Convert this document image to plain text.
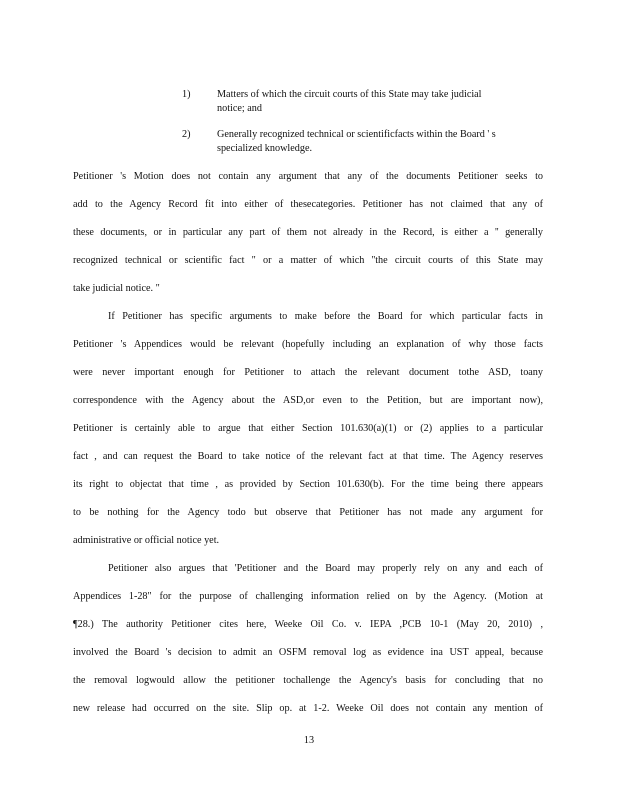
1)	Matters of which the circuit courts of this State may take judicial
notice; and
2)	Generally recognized technical or scientificfacts within the Board ' s
specialized knowledge.
Petitioner 's Motion does not contain any argument that any of the documents Petitioner seeks to
add to the Agency Record fit into either of thesecategories. Petitioner has not claimed that any of
these documents, or in particular any part of them not already in the Record, is either a '' generally
recognized technical or scientific fact " or a matter of which ''the circuit courts of this State may
take judicial notice. "
If Petitioner has specific arguments to make before the Board for which particular facts in
Petitioner 's Appendices would be relevant (hopefully including an explanation of why those facts
were never important enough for Petitioner to attach the relevant document tothe ASD, toany
correspondence with the Agency about the ASD,or even to the Petition, but are important now),
Petitioner is certainly able to argue that either Section 101.630(a)(1) or (2) applies to a particular
fact , and can request the Board to take notice of the relevant fact at that time. The Agency reserves
its right to objectat that time , as provided by Section 101.630(b). For the time being there appears
to be nothing for the Agency todo but observe that Petitioner has not made any argument for
administrative or official notice yet.
Petitioner also argues that 'Petitioner and the Board may properly rely on any and each of
Appendices 1-28" for the purpose of challenging information relied on by the Agency. (Motion at
¶28.) The authority Petitioner cites here, Weeke Oil Co. v. IEPA ,PCB 10-1 (May 20, 2010) ,
involved the Board 's decision to admit an OSFM removal log as evidence ina UST appeal, because
the removal logwould allow the petitioner tochallenge the Agency's basis for concluding that no
new release had occurred on the site. Slip op. at 1-2. Weeke Oil does not contain any mention of
13
